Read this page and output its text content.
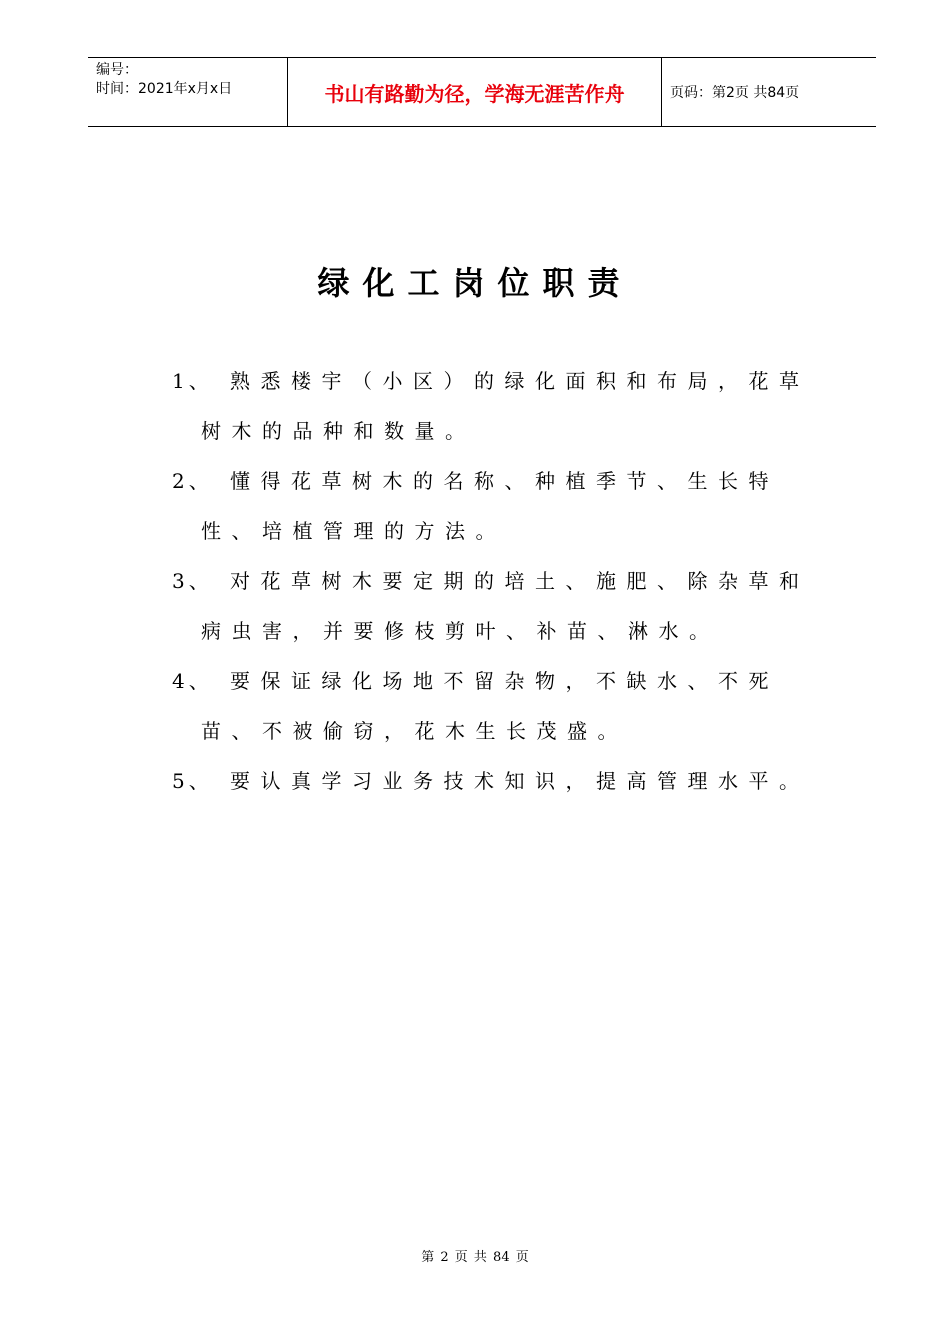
编号：
时间：2021年x月x日	书山有路勤为径，学海无涯苦作舟	页码：第2页 共84页
绿化工岗位职责
1、 熟悉楼宇（小区）的绿化面积和布局，花草树木的品种和数量。
2、 懂得花草树木的名称、种植季节、生长特性、培植管理的方法。
3、 对花草树木要定期的培土、施肥、除杂草和病虫害，并要修枝剪叶、补苗、淋水。
4、 要保证绿化场地不留杂物，不缺水、不死苗、不被偷窃，花木生长茂盛。
5、 要认真学习业务技术知识，提高管理水平。
第 2 页 共 84 页
